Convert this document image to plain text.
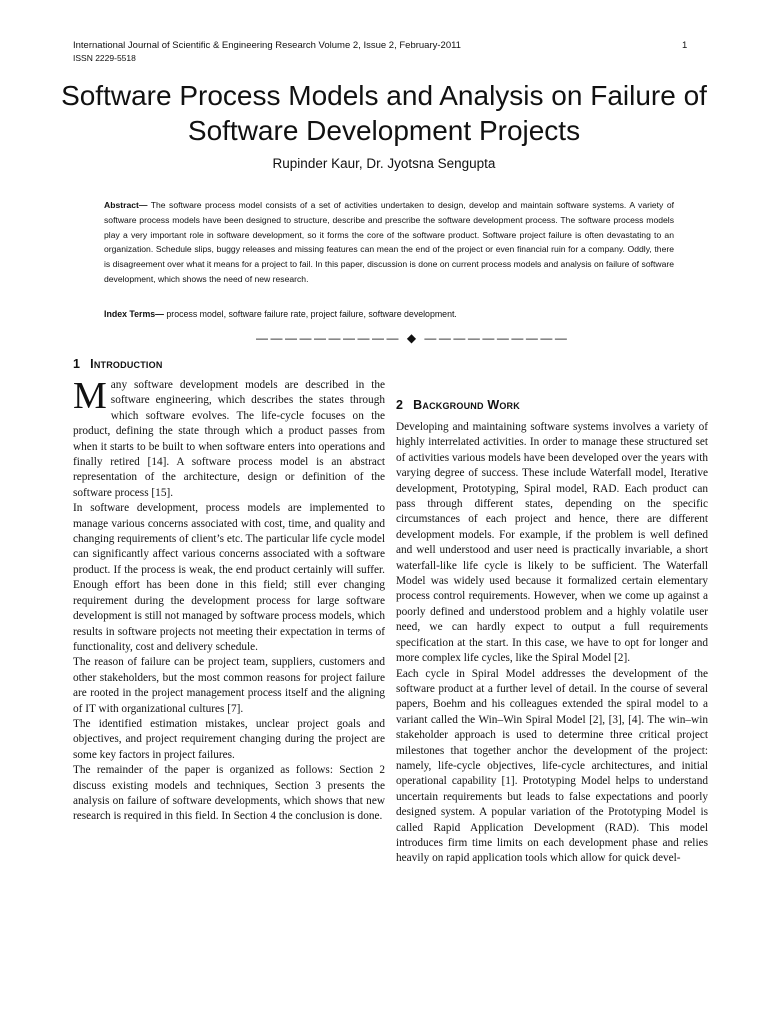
International Journal of Scientific & Engineering Research Volume 2, Issue 2, February-2011
ISSN 2229-5518
1
Software Process Models and Analysis on Failure of Software Development Projects
Rupinder Kaur, Dr. Jyotsna Sengupta

Abstract— The software process model consists of a set of activities undertaken to design, develop and maintain software systems. A variety of software process models have been designed to structure, describe and prescribe the software development process. The software process models play a very important role in software development, so it forms the core of the software product. Software project failure is often devastating to an organization. Schedule slips, buggy releases and missing features can mean the end of the project or even financial ruin for a company. Oddly, there is disagreement over what it means for a project to fail. In this paper, discussion is done on current process models and analysis on failure of software development, which shows the need of new research.

Index Terms— process model, software failure rate, project failure, software development.

—————————— ◆ ——————————
1 Introduction

Many software development models are described in the software engineering, which describes the states through which software evolves. The life-cycle focuses on the product, defining the state through which a product passes from when it starts to be built to when software enters into operations and finally retired [14]. A software process model is an abstract representation of the architecture, design or definition of the software process [15].

In software development, process models are implemented to manage various concerns associated with cost, time, and quality and changing requirements of client’s etc. The particular life cycle model can significantly affect various concerns associated with a software product. If the process is weak, the end product certainly will suffer. Enough effort has been done in this field; still ever changing requirement during the development process for large software development is still not managed by software process models, which results in software projects not meeting their expectation in terms of functionality, cost and delivery schedule.

The reason of failure can be project team, suppliers, customers and other stakeholders, but the most common reasons for project failure are rooted in the project management process itself and the aligning of IT with organizational cultures [7].

The identified estimation mistakes, unclear project goals and objectives, and project requirement changing during the project are some key factors in project failures.

The remainder of the paper is organized as follows: Section 2 discuss existing models and techniques, Section 3 presents the analysis on failure of software developments, which shows that new research is required in this field. In Section 4 the conclusion is done.

2 Background Work

Developing and maintaining software systems involves a variety of highly interrelated activities. In order to manage these structured set of activities various models have been developed over the years with varying degree of success. These include Waterfall model, Iterative development, Prototyping, Spiral model, RAD. Each product can pass through different states, depending on the specific circumstances of each project and hence, there are different development models. For example, if the problem is well defined and well understood and user need is practically invariable, a short waterfall-like life cycle is likely to be sufficient. The Waterfall Model was widely used because it formalized certain elementary process control requirements. However, when we come up against a poorly defined and understood problem and a highly volatile user need, we can hardly expect to output a full requirements specification at the start. In this case, we have to opt for longer and more complex life cycles, like the Spiral Model [2].

Each cycle in Spiral Model addresses the development of the software product at a further level of detail. In the course of several papers, Boehm and his colleagues extended the spiral model to a variant called the Win–Win Spiral Model [2], [3], [4]. The win–win stakeholder approach is used to determine three critical project milestones that together anchor the development of the project: namely, life-cycle objectives, life-cycle architectures, and initial operational capability [1]. Prototyping Model helps to understand uncertain requirements but leads to false expectations and poorly designed system. A popular variation of the Prototyping Model is called Rapid Application Development (RAD). This model introduces firm time limits on each development phase and relies heavily on rapid application tools which allow for quick devel-
